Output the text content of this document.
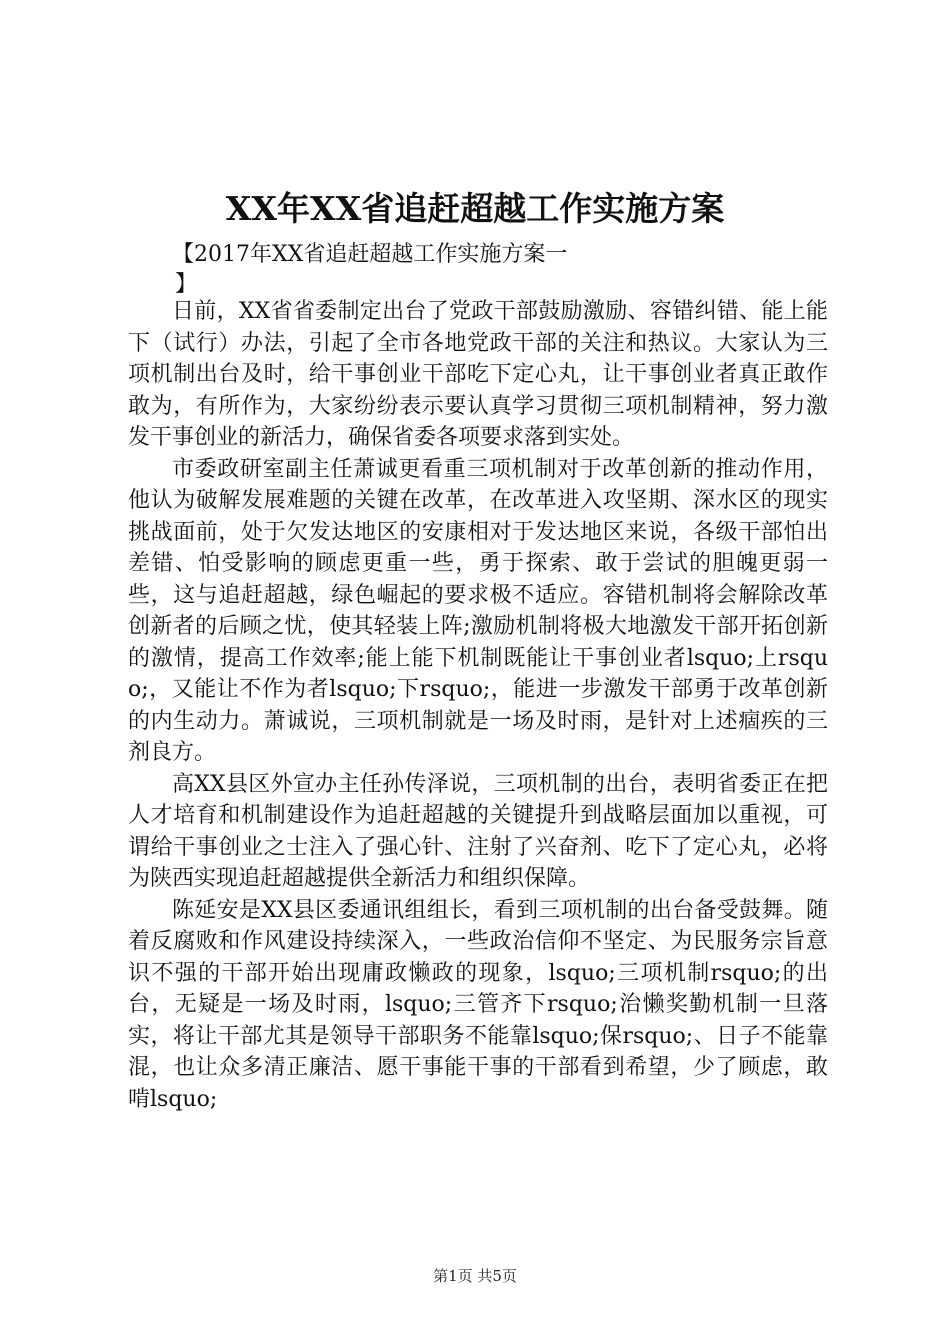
XX年XX省追赶超越工作实施方案
【2017年XX省追赶超越工作实施方案一
】

日前，XX省省委制定出台了党政干部鼓励激励、容错纠错、能上能下（试行）办法，引起了全市各地党政干部的关注和热议。大家认为三项机制出台及时，给干事创业干部吃下定心丸，让干事创业者真正敢作敢为，有所作为，大家纷纷表示要认真学习贯彻三项机制精神，努力激发干事创业的新活力，确保省委各项要求落到实处。

市委政研室副主任萧诚更看重三项机制对于改革创新的推动作用，他认为破解发展难题的关键在改革，在改革进入攻坚期、深水区的现实挑战面前，处于欠发达地区的安康相对于发达地区来说，各级干部怕出差错、怕受影响的顾虑更重一些，勇于探索、敢于尝试的胆魄更弱一些，这与追赶超越，绿色崛起的要求极不适应。容错机制将会解除改革创新者的后顾之忧，使其轻装上阵;激励机制将极大地激发干部开拓创新的激情，提高工作效率;能上能下机制既能让干事创业者lsquo;上rsquo;，又能让不作为者lsquo;下rsquo;，能进一步激发干部勇于改革创新的内生动力。萧诚说，三项机制就是一场及时雨，是针对上述痼疾的三剂良方。

高XX县区外宣办主任孙传泽说，三项机制的出台，表明省委正在把人才培育和机制建设作为追赶超越的关键提升到战略层面加以重视，可谓给干事创业之士注入了强心针、注射了兴奋剂、吃下了定心丸，必将为陕西实现追赶超越提供全新活力和组织保障。

陈延安是XX县区委通讯组组长，看到三项机制的出台备受鼓舞。随着反腐败和作风建设持续深入，一些政治信仰不坚定、为民服务宗旨意识不强的干部开始出现庸政懒政的现象，lsquo;三项机制rsquo;的出台，无疑是一场及时雨，lsquo;三管齐下rsquo;治懒奖勤机制一旦落实，将让干部尤其是领导干部职务不能靠lsquo;保rsquo;、日子不能靠混，也让众多清正廉洁、愿干事能干事的干部看到希望，少了顾虑，敢啃lsquo;

第1页 共5页
